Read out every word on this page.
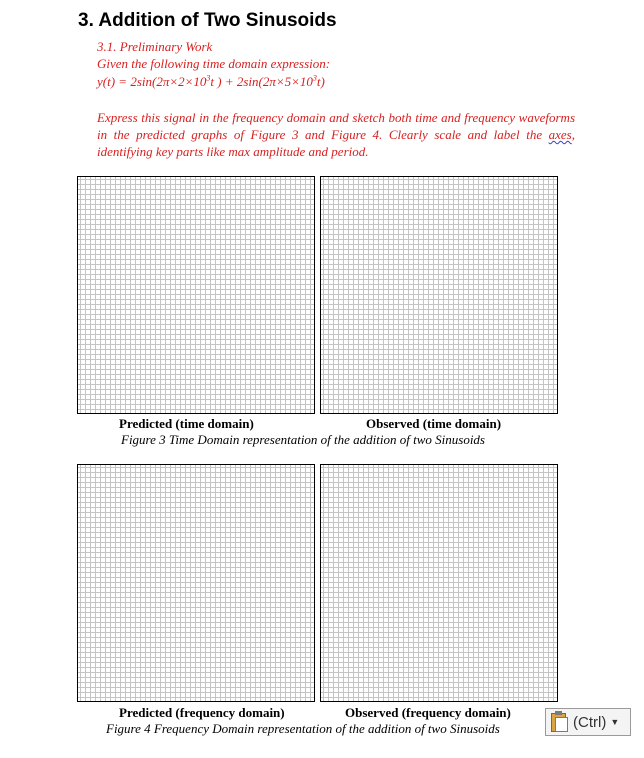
3. Addition of Two Sinusoids
3.1. Preliminary Work
Given the following time domain expression:
$y(t) = 2\sin(2\pi\times 2\times 10^3t$ ) + $2\sin(2\pi\times 5\times 10^3t)$
Express this signal in the frequency domain and sketch both time and frequency waveforms in the predicted graphs of Figure 3 and Figure 4. Clearly scale and label the axes, identifying key parts like max amplitude and period.
Predicted (time domain)	Observed (time domain)
Figure 3 Time Domain representation of the addition of two Sinusoids
Predicted (frequency domain)	Observed (frequency domain)
Figure 4 Frequency Domain representation of the addition of two Sinusoids	(Ctrl) ▼
